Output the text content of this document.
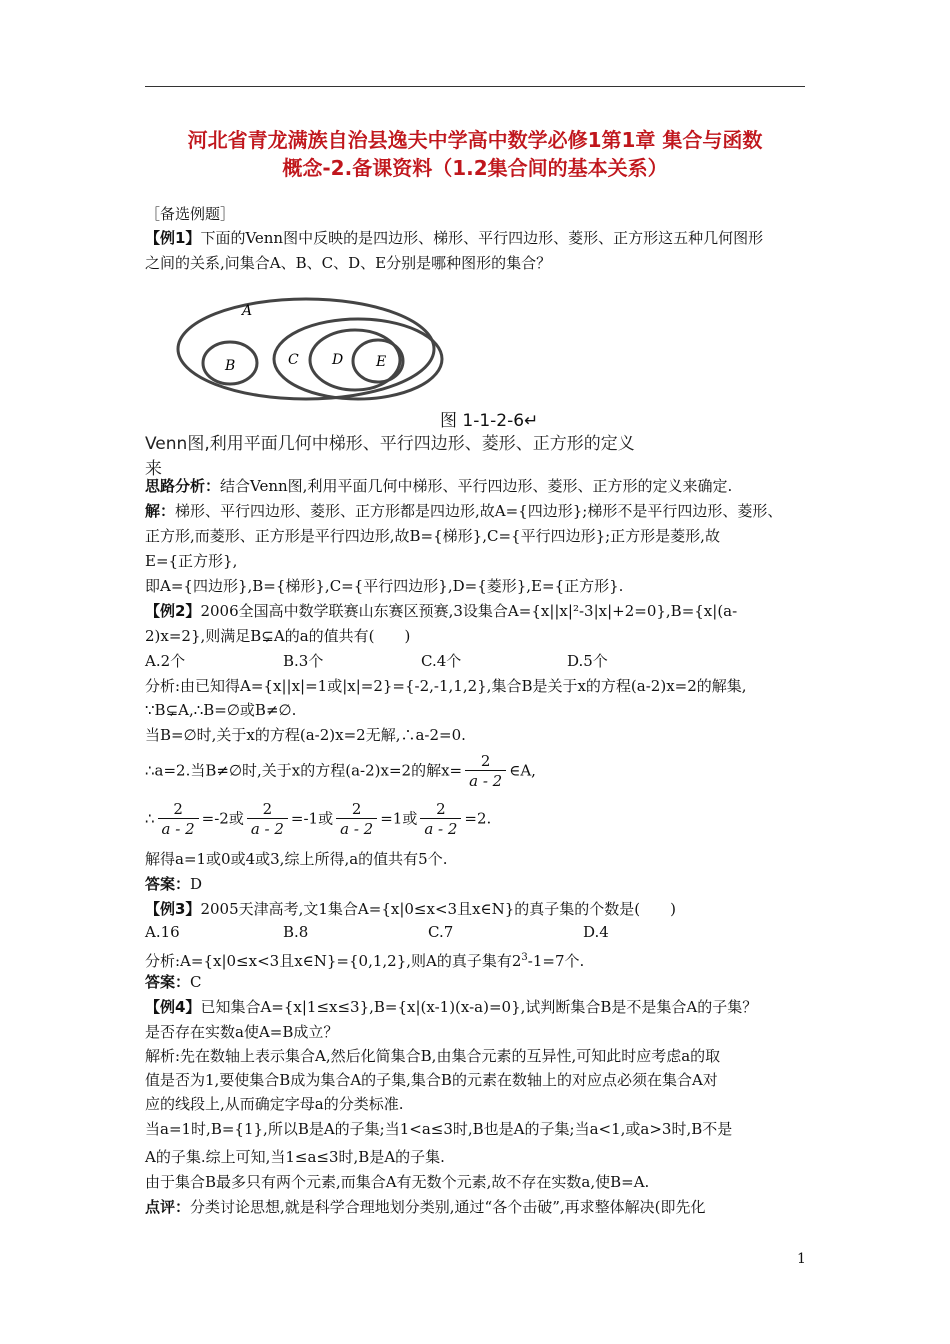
河北省青龙满族自治县逸夫中学高中数学必修1第1章 集合与函数
概念-2.备课资料（1.2集合间的基本关系）
［备选例题］
【例1】下面的Venn图中反映的是四边形、梯形、平行四边形、菱形、正方形这五种几何图形
之间的关系,问集合A、B、C、D、E分别是哪种图形的集合？
A
B	C D E
图 1-1-2-6↵
Venn图,利用平面几何中梯形、平行四边形、菱形、正方形的定义来
思路分析：结合Venn图,利用平面几何中梯形、平行四边形、菱形、正方形的定义来确定.
解：梯形、平行四边形、菱形、正方形都是四边形,故A={四边形};梯形不是平行四边形、菱形、
正方形,而菱形、正方形是平行四边形,故B={梯形},C={平行四边形};正方形是菱形,故
E={正方形},
即A={四边形},B={梯形},C={平行四边形},D={菱形},E={正方形}.
【例2】2006全国高中数学联赛山东赛区预赛,3设集合A={x||x|²-3|x|+2=0},B={x|(a-
2)x=2},则满足B⊊A的a的值共有(　　)
A.2个	B.3个	C.4个	D.5个
分析:由已知得A={x||x|=1或|x|=2}={-2,-1,1,2},集合B是关于x的方程(a-2)x=2的解集,
∵B⊊A,∴B=∅或B≠∅.
当B=∅时,关于x的方程(a-2)x=2无解,∴a-2=0.
∴a=2.当B≠∅时,关于x的方程(a-2)x=2的解$x= \frac{2}{a - 2}$ ∈A,
∴ $\frac{2}{a - 2} =-2$或 $\frac{2}{a - 2} =-1$或 $\frac{2}{a - 2} =1$或 $\frac{2}{a - 2} =2$.
解得a=1或0或4或3,综上所得,a的值共有5个.
答案：D
【例3】2005天津高考,文1集合A={x|0≤x<3且x∈N}的真子集的个数是(　　)
A.16	B.8	C.7	D.4
分析:A={x|0≤x<3且x∈N}={0,1,2},则A的真子集有$2^3-1=7$个.
答案：C
【例4】已知集合A={x|1≤x≤3},B={x|(x-1)(x-a)=0},试判断集合B是不是集合A的子集？
是否存在实数a使A=B成立？
解析:先在数轴上表示集合A,然后化简集合B,由集合元素的互异性,可知此时应考虑a的取
值是否为1,要使集合B成为集合A的子集,集合B的元素在数轴上的对应点必须在集合A对
应的线段上,从而确定字母a的分类标准.
当a=1时,B={1},所以B是A的子集;当1<a≤3时,B也是A的子集;当a<1,或a>3时,B不是
A的子集.综上可知,当1≤a≤3时,B是A的子集.
由于集合B最多只有两个元素,而集合A有无数个元素,故不存在实数a,使B=A.
点评：分类讨论思想,就是科学合理地划分类别,通过“各个击破”,再求整体解决(即先化
1
